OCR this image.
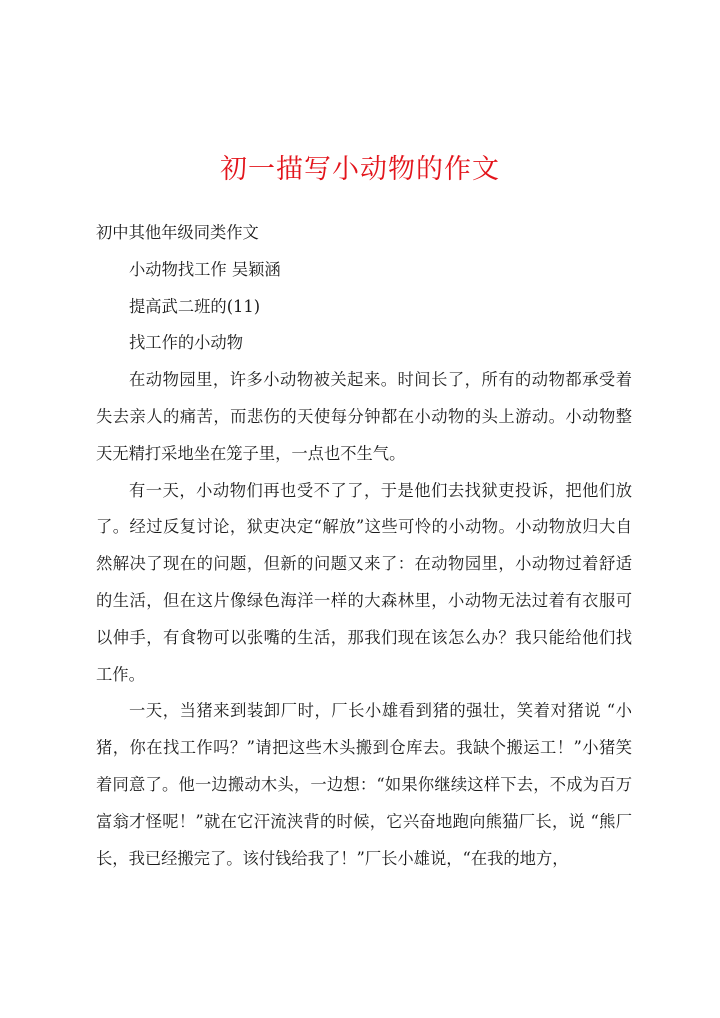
初一描写小动物的作文

初中其他年级同类作文

小动物找工作 吴颖涵

提高武二班的(11)

找工作的小动物

在动物园里，许多小动物被关起来。时间长了，所有的动物都承受着失去亲人的痛苦，而悲伤的天使每分钟都在小动物的头上游动。小动物整天无精打采地坐在笼子里，一点也不生气。

有一天，小动物们再也受不了了，于是他们去找狱吏投诉，把他们放了。经过反复讨论，狱吏决定“解放”这些可怜的小动物。小动物放归大自然解决了现在的问题，但新的问题又来了：在动物园里，小动物过着舒适的生活，但在这片像绿色海洋一样的大森林里，小动物无法过着有衣服可以伸手，有食物可以张嘴的生活，那我们现在该怎么办？我只能给他们找工作。

一天，当猪来到装卸厂时，厂长小雄看到猪的强壮，笑着对猪说 “小猪，你在找工作吗？”请把这些木头搬到仓库去。我缺个搬运工！”小猪笑着同意了。他一边搬动木头，一边想：“如果你继续这样下去，不成为百万富翁才怪呢！”就在它汗流浃背的时候，它兴奋地跑向熊猫厂长，说 “熊厂长，我已经搬完了。该付钱给我了！”厂长小雄说，“在我的地方，
